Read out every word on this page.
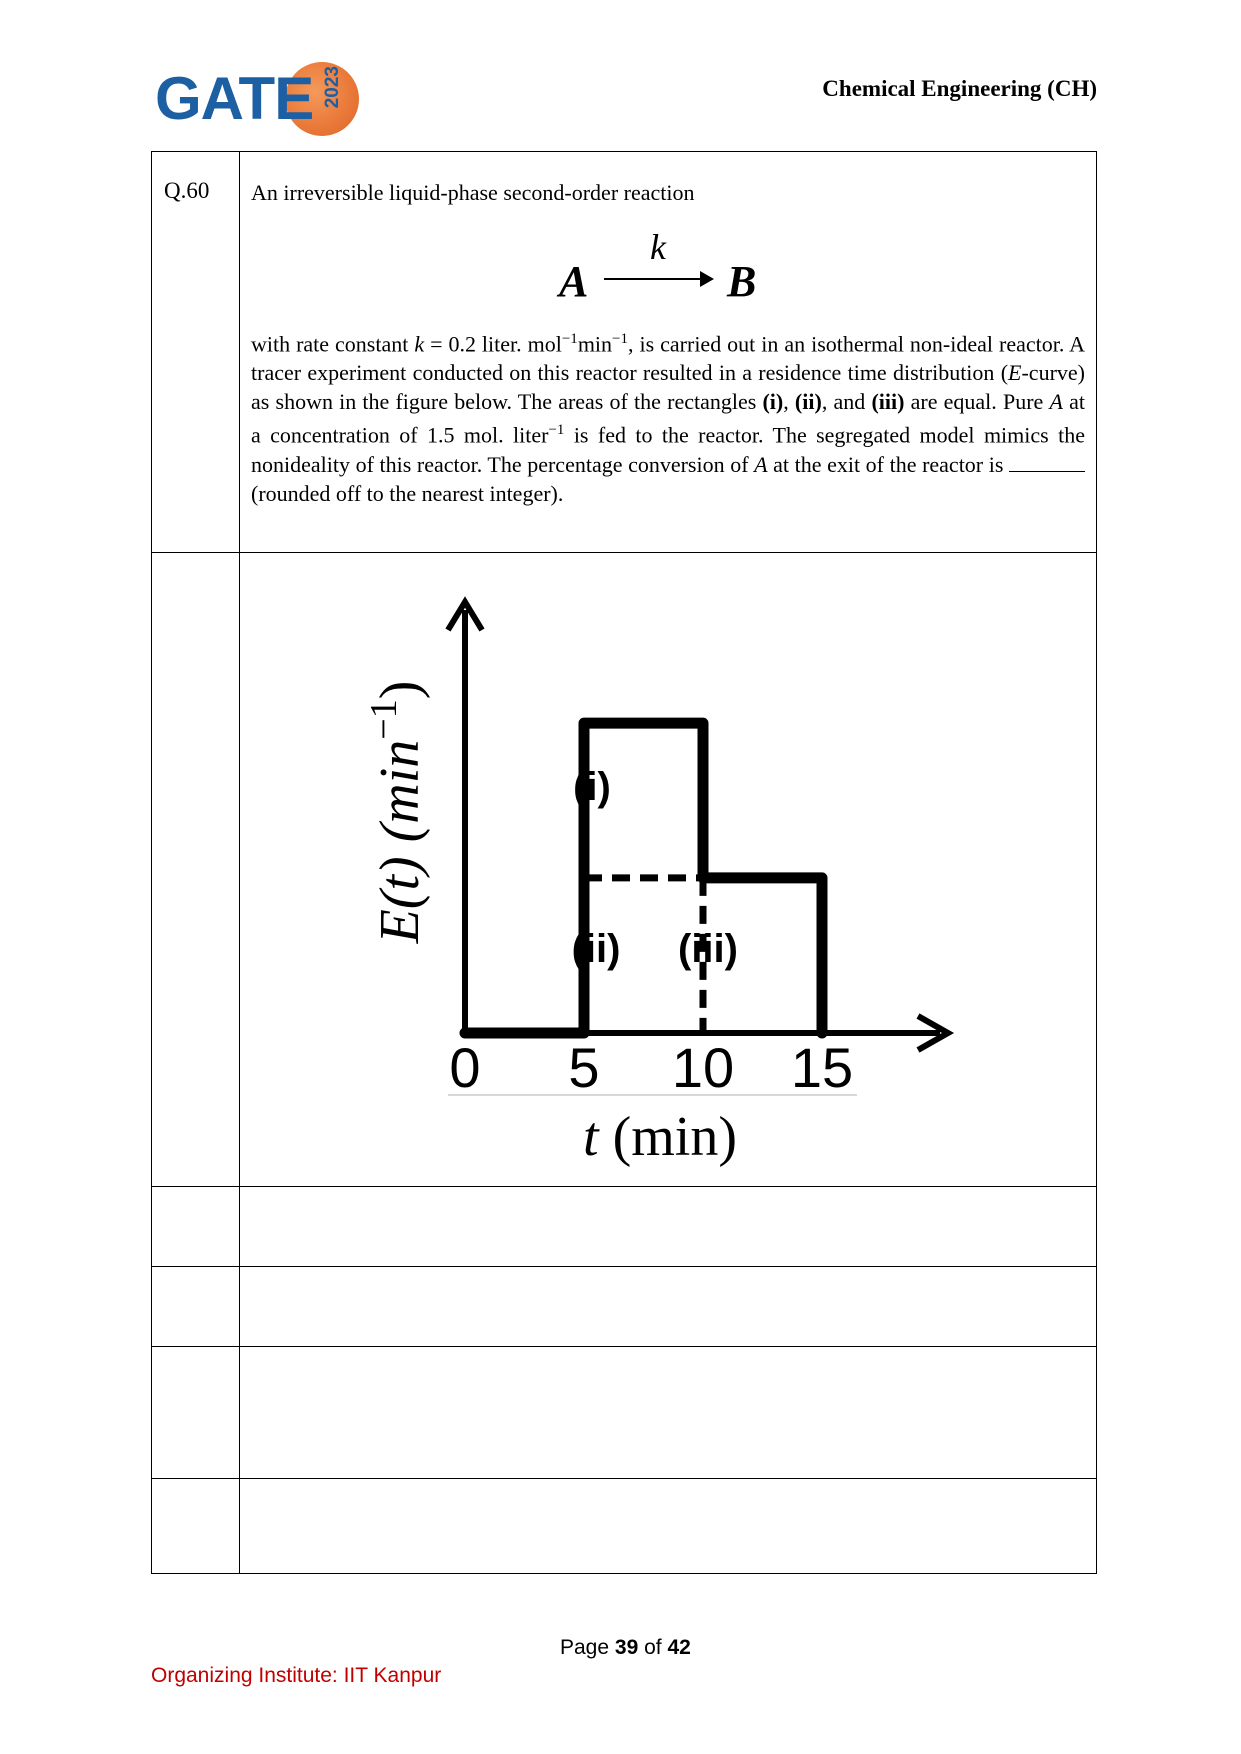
GATE 2023	Chemical Engineering (CH)
Q.60 An irreversible liquid-phase second-order reaction
A
k
B
with rate constant k = 0.2 liter. $mol^{-1}\min^{-1}$, is carried out in an isothermal non-ideal reactor. A tracer experiment conducted on this reactor resulted in a residence time distribution (E-curve) as shown in the figure below. The areas of the rectangles (i), (ii), and (iii) are equal. Pure A at a concentration of 1.5 mol. liter$^{-1}$ is fed to the reactor. The segregated model mimics the nonideality of this reactor. The percentage conversion of A at the exit of the reactor is  (rounded off to the nearest integer).
(i)
(ii) (iii)
0 5 10 15
t (min)
E(t) $(\min^{-1})$
Page 39 of 42
Organizing Institute: IIT Kanpur
